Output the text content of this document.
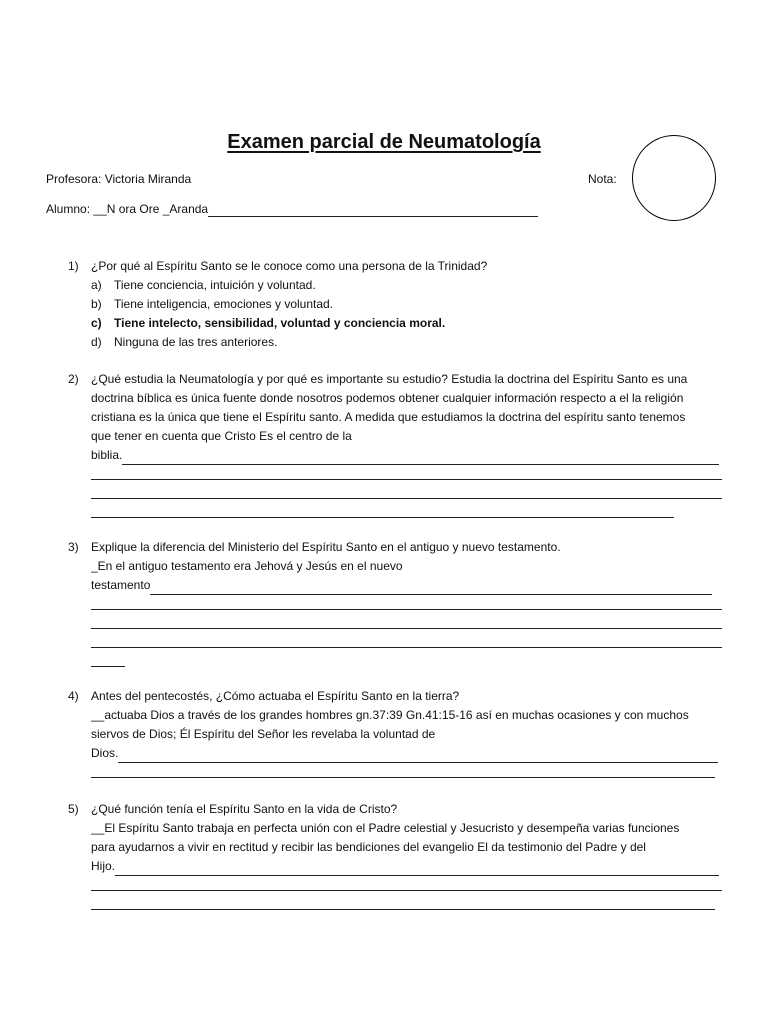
Examen parcial de Neumatología
Profesora: Victoria Miranda	Nota:
Alumno: __N ora Ore _Aranda
1) ¿Por qué al Espíritu Santo se le conoce como una persona de la Trinidad?
a) Tiene conciencia, intuición y voluntad.
b) Tiene inteligencia, emociones y voluntad.
c) Tiene intelecto, sensibilidad, voluntad y conciencia moral.
d) Ninguna de las tres anteriores.
2) ¿Qué estudia la Neumatología y por qué es importante su estudio? Estudia la doctrina del Espíritu Santo es una
doctrina bíblica es única fuente donde nosotros podemos obtener cualquier información respecto a el la religión
cristiana es la única que tiene el Espíritu santo. A medida que estudiamos la doctrina del espíritu santo tenemos
que tener en cuenta que Cristo Es el centro de la
biblia.
3) Explique la diferencia del Ministerio del Espíritu Santo en el antiguo y nuevo testamento.
_En el antiguo testamento era Jehová y Jesús en el nuevo
testamento
4) Antes del pentecostés, ¿Cómo actuaba el Espíritu Santo en la tierra?
__actuaba Dios a través de los grandes hombres gn.37:39 Gn.41:15-16 así en muchas ocasiones y con muchos
siervos de Dios; Él Espíritu del Señor les revelaba la voluntad de
Dios.
5) ¿Qué función tenía el Espíritu Santo en la vida de Cristo?
__El Espíritu Santo trabaja en perfecta unión con el Padre celestial y Jesucristo y desempeña varias funciones
para ayudarnos a vivir en rectitud y recibir las bendiciones del evangelio El da testimonio del Padre y del
Hijo.
